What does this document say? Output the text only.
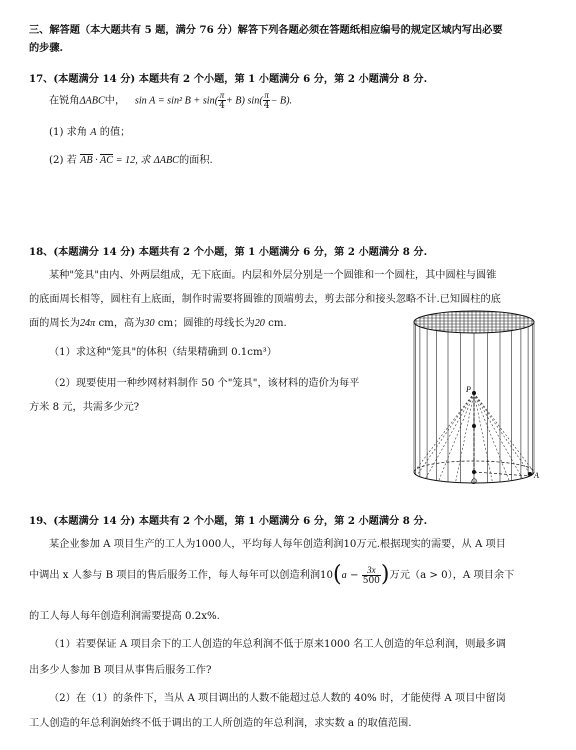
三、解答题（本大题共有 5 题，满分 76 分）解答下列各题必须在答题纸相应编号的规定区域内写出必要
的步骤.
17、(本题满分 14 分) 本题共有 2 个小题，第 1 小题满分 6 分，第 2 小题满分 8 分.
在锐角ΔABC中， sin A = sin² $B + \sin( \frac{\pi}{4} + B)$ $\sin( \frac{\pi}{4} - B)$.
(1) 求角 A 的值；
(2) 若 AB · AC = 12, 求 ΔABC的面积.
18、(本题满分 14 分) 本题共有 2 个小题，第 1 小题满分 6 分，第 2 小题满分 8 分.
某种"笼具"由内、外两层组成，无下底面。内层和外层分别是一个圆锥和一个圆柱，其中圆柱与圆锥
的底面周长相等，圆柱有上底面，制作时需要将圆锥的顶端剪去，剪去部分和接头忽略不计.已知圆柱的底
面的周长为24π cm，高为30 cm；圆锥的母线长为20 cm.
（1）求这种"笼具"的体积（结果精确到 0.1cm³）
（2）现要使用一种纱网材料制作 50 个"笼具"，该材料的造价为每平
方米 8 元，共需多少元?
P
O
A
19、(本题满分 14 分) 本题共有 2 个小题，第 1 小题满分 6 分，第 2 小题满分 8 分.
某企业参加 A 项目生产的工人为1000人，平均每人每年创造利润10万元.根据现实的需要，从 A 项目
中调出 x 人参与 B 项目的售后服务工作，每人每年可以创造利润$10(a - \frac{3x}{500}$ )万元（a > 0），A 项目余下
的工人每人每年创造利润需要提高 0.2x%.
（1）若要保证 A 项目余下的工人创造的年总利润不低于原来1000 名工人创造的年总利润，则最多调
出多少人参加 B 项目从事售后服务工作?
（2）在（1）的条件下，当从 A 项目调出的人数不能超过总人数的 40% 时，才能使得 A 项目中留岗
工人创造的年总利润始终不低于调出的工人所创造的年总利润，求实数 a 的取值范围.
